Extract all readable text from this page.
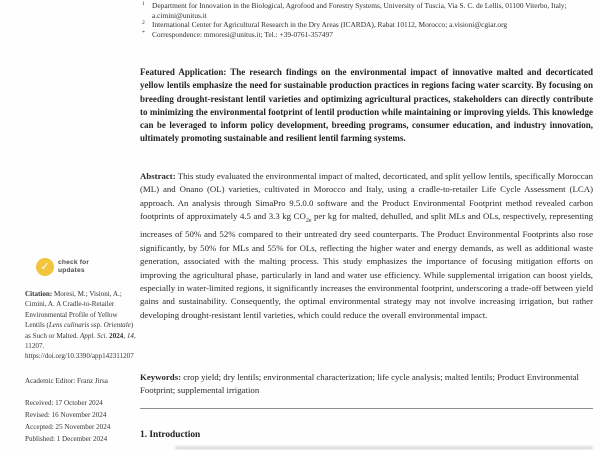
✓	check for
updates
Citation: Moresi, M.; Visioni, A.; Cimini, A. A Cradle-to-Retailer Environmental Profile of Yellow Lentils (Lens culinaris ssp. Orientale) as Such or Malted. Appl. Sci. 2024, 14, 11207. https://doi.org/10.3390/app142311207
Academic Editor: Franz Jirsa
Received: 17 October 2024
Revised: 16 November 2024
Accepted: 25 November 2024
Published: 1 December 2024
1 Department for Innovation in the Biological, Agrofood and Forestry Systems, University of Tuscia, Via S. C. de Lellis, 01100 Viterbo, Italy; a.cimini@unitus.it
2 International Center for Agricultural Research in the Dry Areas (ICARDA), Rabat 10112, Morocco; a.visioni@cgiar.org
* Correspondence: mmoresi@unitus.it; Tel.: +39-0761-357497
Featured Application: The research findings on the environmental impact of innovative malted and decorticated yellow lentils emphasize the need for sustainable production practices in regions facing water scarcity. By focusing on breeding drought-resistant lentil varieties and optimizing agricultural practices, stakeholders can directly contribute to minimizing the environmental footprint of lentil production while maintaining or improving yields. This knowledge can be leveraged to inform policy development, breeding programs, consumer education, and industry innovation, ultimately promoting sustainable and resilient lentil farming systems.
Abstract: This study evaluated the environmental impact of malted, decorticated, and split yellow lentils, specifically Moroccan (ML) and Onano (OL) varieties, cultivated in Morocco and Italy, using a cradle-to-retailer Life Cycle Assessment (LCA) approach. An analysis through SimaPro 9.5.0.0 software and the Product Environmental Footprint method revealed carbon footprints of approximately 4.5 and 3.3 kg $CO_{2e}$ per kg for malted, dehulled, and split MLs and OLs, respectively, representing increases of 50% and 52% compared to their untreated dry seed counterparts. The Product Environmental Footprints also rose significantly, by 50% for MLs and 55% for OLs, reflecting the higher water and energy demands, as well as additional waste generation, associated with the malting process. This study emphasizes the importance of focusing mitigation efforts on improving the agricultural phase, particularly in land and water use efficiency. While supplemental irrigation can boost yields, especially in water-limited regions, it significantly increases the environmental footprint, underscoring a trade-off between yield gains and sustainability. Consequently, the optimal environmental strategy may not involve increasing irrigation, but rather developing drought-resistant lentil varieties, which could reduce the overall environmental impact.
Keywords: crop yield; dry lentils; environmental characterization; life cycle analysis; malted lentils; Product Environmental Footprint; supplemental irrigation
1. Introduction
